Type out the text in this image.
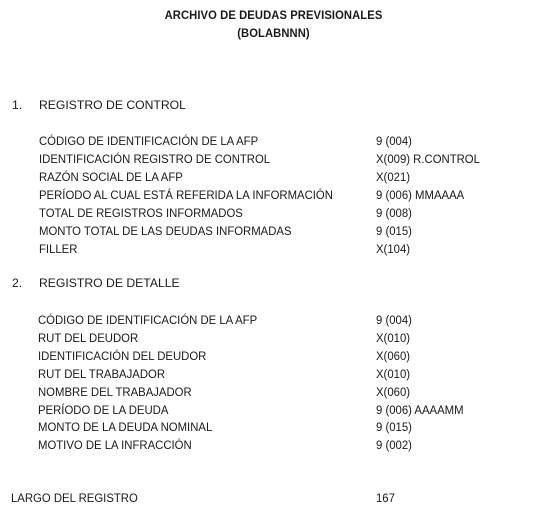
ARCHIVO DE DEUDAS PREVISIONALES
(BOLABNNN)
1. REGISTRO DE CONTROL
CÓDIGO DE IDENTIFICACIÓN DE LA AFP	9 (004)
IDENTIFICACIÓN REGISTRO DE CONTROL	X(009) R.CONTROL
RAZÓN SOCIAL DE LA AFP	X(021)
PERÍODO AL CUAL ESTÁ REFERIDA LA INFORMACIÓN	9 (006) MMAAAA
TOTAL DE REGISTROS INFORMADOS	9 (008)
MONTO TOTAL DE LAS DEUDAS INFORMADAS	9 (015)
FILLER	X(104)
2. REGISTRO DE DETALLE
CÓDIGO DE IDENTIFICACIÓN DE LA AFP	9 (004)
RUT DEL DEUDOR	X(010)
IDENTIFICACIÓN DEL DEUDOR	X(060)
RUT DEL TRABAJADOR	X(010)
NOMBRE DEL TRABAJADOR	X(060)
PERÍODO DE LA DEUDA	9 (006) AAAAMM
MONTO DE LA DEUDA NOMINAL	9 (015)
MOTIVO DE LA INFRACCIÓN	9 (002)
LARGO DEL REGISTRO	167
